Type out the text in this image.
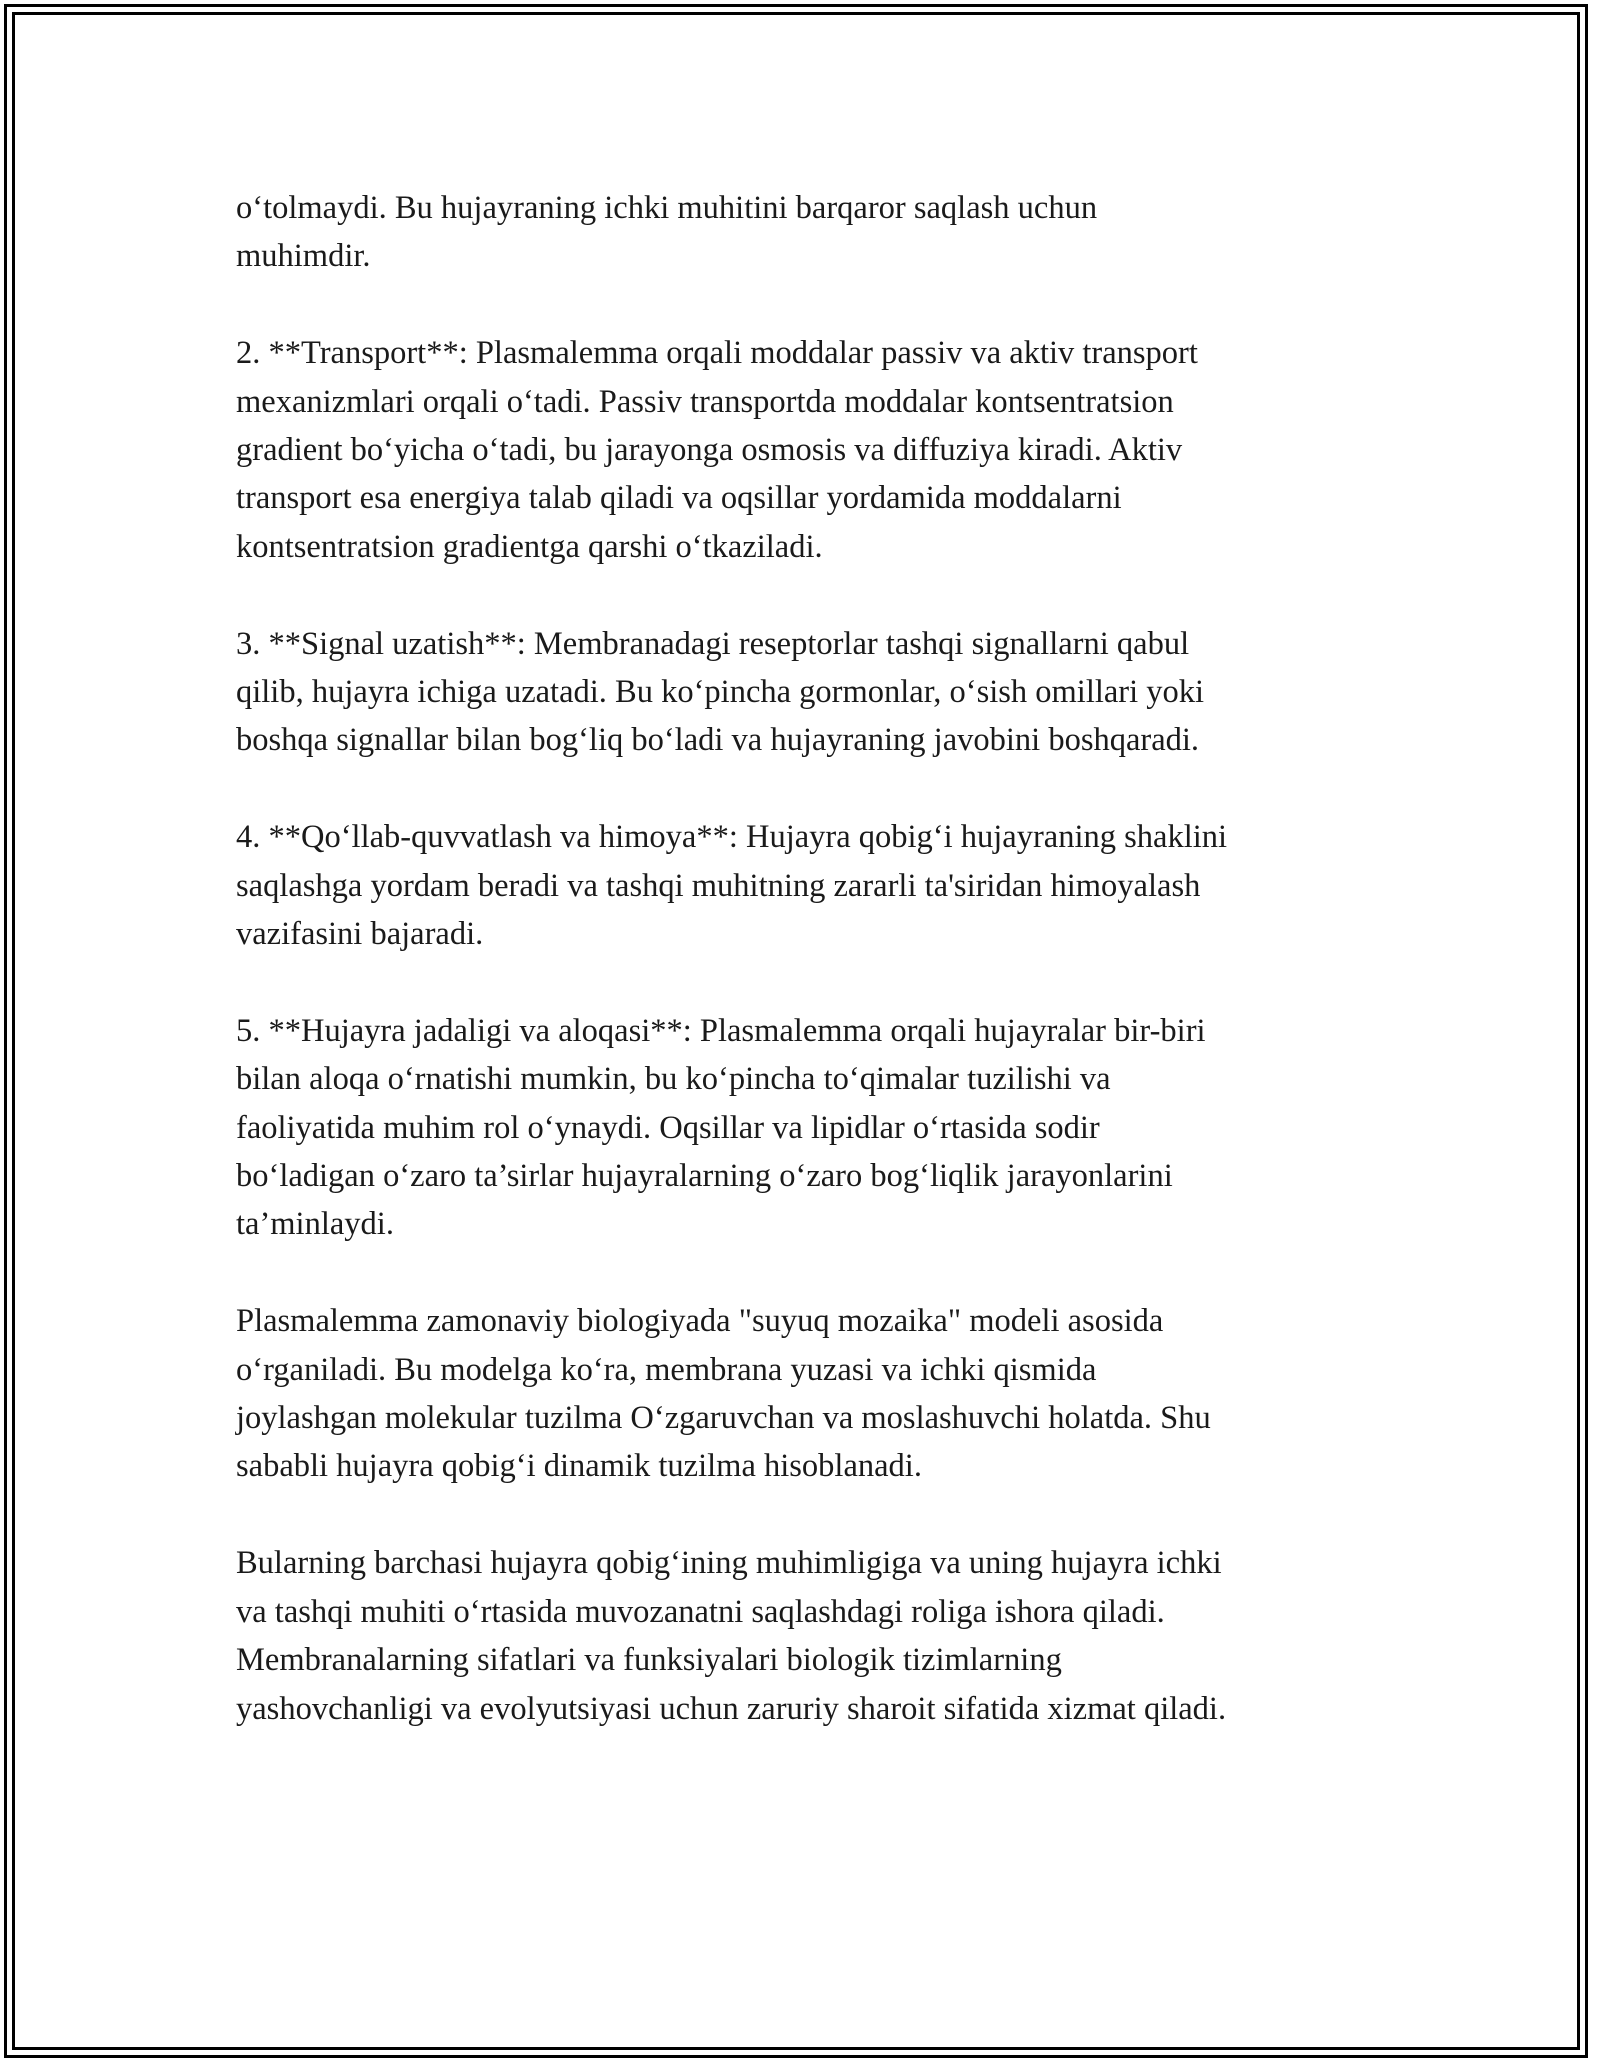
o‘tolmaydi. Bu hujayraning ichki muhitini barqaror saqlash uchun
muhimdir.

2. **Transport**: Plasmalemma orqali moddalar passiv va aktiv transport
mexanizmlari orqali o‘tadi. Passiv transportda moddalar kontsentratsion
gradient bo‘yicha o‘tadi, bu jarayonga osmosis va diffuziya kiradi. Aktiv
transport esa energiya talab qiladi va oqsillar yordamida moddalarni
kontsentratsion gradientga qarshi o‘tkaziladi.

3. **Signal uzatish**: Membranadagi reseptorlar tashqi signallarni qabul
qilib, hujayra ichiga uzatadi. Bu ko‘pincha gormonlar, o‘sish omillari yoki
boshqa signallar bilan bog‘liq bo‘ladi va hujayraning javobini boshqaradi.

4. **Qo‘llab-quvvatlash va himoya**: Hujayra qobig‘i hujayraning shaklini
saqlashga yordam beradi va tashqi muhitning zararli ta'siridan himoyalash
vazifasini bajaradi.

5. **Hujayra jadaligi va aloqasi**: Plasmalemma orqali hujayralar bir-biri
bilan aloqa o‘rnatishi mumkin, bu ko‘pincha to‘qimalar tuzilishi va
faoliyatida muhim rol o‘ynaydi. Oqsillar va lipidlar o‘rtasida sodir
bo‘ladigan o‘zaro ta’sirlar hujayralarning o‘zaro bog‘liqlik jarayonlarini
ta’minlaydi.

Plasmalemma zamonaviy biologiyada "suyuq mozaika" modeli asosida
o‘rganiladi. Bu modelga ko‘ra, membrana yuzasi va ichki qismida
joylashgan molekular tuzilma O‘zgaruvchan va moslashuvchi holatda. Shu
sababli hujayra qobig‘i dinamik tuzilma hisoblanadi.

Bularning barchasi hujayra qobig‘ining muhimligiga va uning hujayra ichki
va tashqi muhiti o‘rtasida muvozanatni saqlashdagi roliga ishora qiladi.
Membranalarning sifatlari va funksiyalari biologik tizimlarning
yashovchanligi va evolyutsiyasi uchun zaruriy sharoit sifatida xizmat qiladi.
